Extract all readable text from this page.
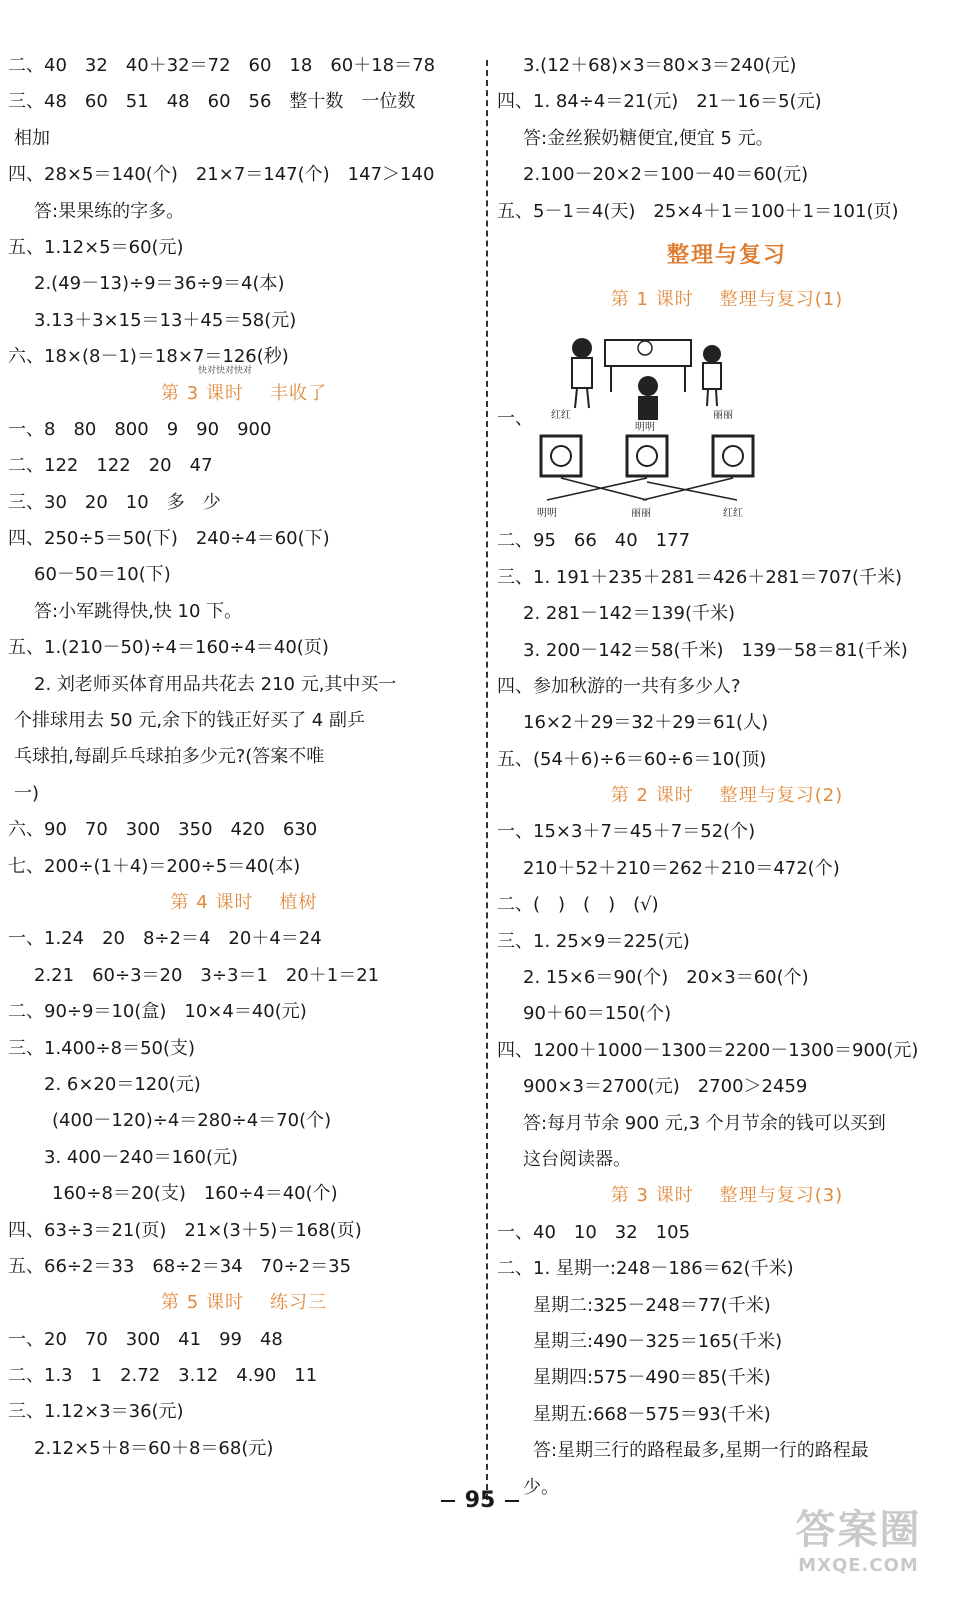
二、40　32　40＋32＝72　60　18　60＋18＝78
三、48　60　51　48　60　56　整十数　一位数
相加
四、28×5＝140(个)　21×7＝147(个)　147＞140
答:果果练的字多。
五、1.12×5＝60(元)
2.(49－13)÷9＝36÷9＝4(本)
3.13＋3×15＝13＋45＝58(元)
六、18×(8－1)＝18×7＝126(秒)
快对快对快对
第 3 课时 丰收了
一、8　80　800　9　90　900
二、122　122　20　47
三、30　20　10　多　少
四、250÷5＝50(下)　240÷4＝60(下)
60－50＝10(下)
答:小军跳得快,快 10 下。
五、1.(210－50)÷4＝160÷4＝40(页)
2. 刘老师买体育用品共花去 210 元,其中买一
个排球用去 50 元,余下的钱正好买了 4 副乒
乓球拍,每副乒乓球拍多少元?(答案不唯
一)
六、90　70　300　350　420　630
七、200÷(1＋4)＝200÷5＝40(本)
第 4 课时 植树
一、1.24　20　8÷2＝4　20＋4＝24
2.21　60÷3＝20　3÷3＝1　20＋1＝21
二、90÷9＝10(盒)　10×4＝40(元)
三、1.400÷8＝50(支)
2. 6×20＝120(元)
(400－120)÷4＝280÷4＝70(个)
3. 400－240＝160(元)
160÷8＝20(支)　160÷4＝40(个)
四、63÷3＝21(页)　21×(3＋5)＝168(页)
五、66÷2＝33　68÷2＝34　70÷2＝35
第 5 课时 练习三
一、20　70　300　41　99　48
二、1.3　1　2.72　3.12　4.90　11
三、1.12×3＝36(元)
2.12×5＋8＝60＋8＝68(元)
3.(12＋68)×3＝80×3＝240(元)
四、1. 84÷4＝21(元)　21－16＝5(元)
答:金丝猴奶糖便宜,便宜 5 元。
2.100－20×2＝100－40＝60(元)
五、5－1＝4(天)　25×4＋1＝100＋1＝101(页)
整理与复习
第 1 课时 整理与复习(1)
一、 红红
明明
丽丽
明明	丽丽	红红
二、95　66　40　177
三、1. 191＋235＋281＝426＋281＝707(千米)
2. 281－142＝139(千米)
3. 200－142＝58(千米)　139－58＝81(千米)
四、参加秋游的一共有多少人?
16×2＋29＝32＋29＝61(人)
五、(54＋6)÷6＝60÷6＝10(顶)
第 2 课时 整理与复习(2)
一、15×3＋7＝45＋7＝52(个)
210＋52＋210＝262＋210＝472(个)
二、(　)　(　)　(√)
三、1. 25×9＝225(元)
2. 15×6＝90(个)　20×3＝60(个)
90＋60＝150(个)
四、1200＋1000－1300＝2200－1300＝900(元)
900×3＝2700(元)　2700＞2459
答:每月节余 900 元,3 个月节余的钱可以买到
这台阅读器。
第 3 课时 整理与复习(3)
一、40　10　32　105
二、1. 星期一:248－186＝62(千米)
星期二:325－248＝77(千米)
星期三:490－325＝165(千米)
星期四:575－490＝85(千米)
星期五:668－575＝93(千米)
答:星期三行的路程最多,星期一行的路程最
少。
95
答案圈
MXQE.COM
